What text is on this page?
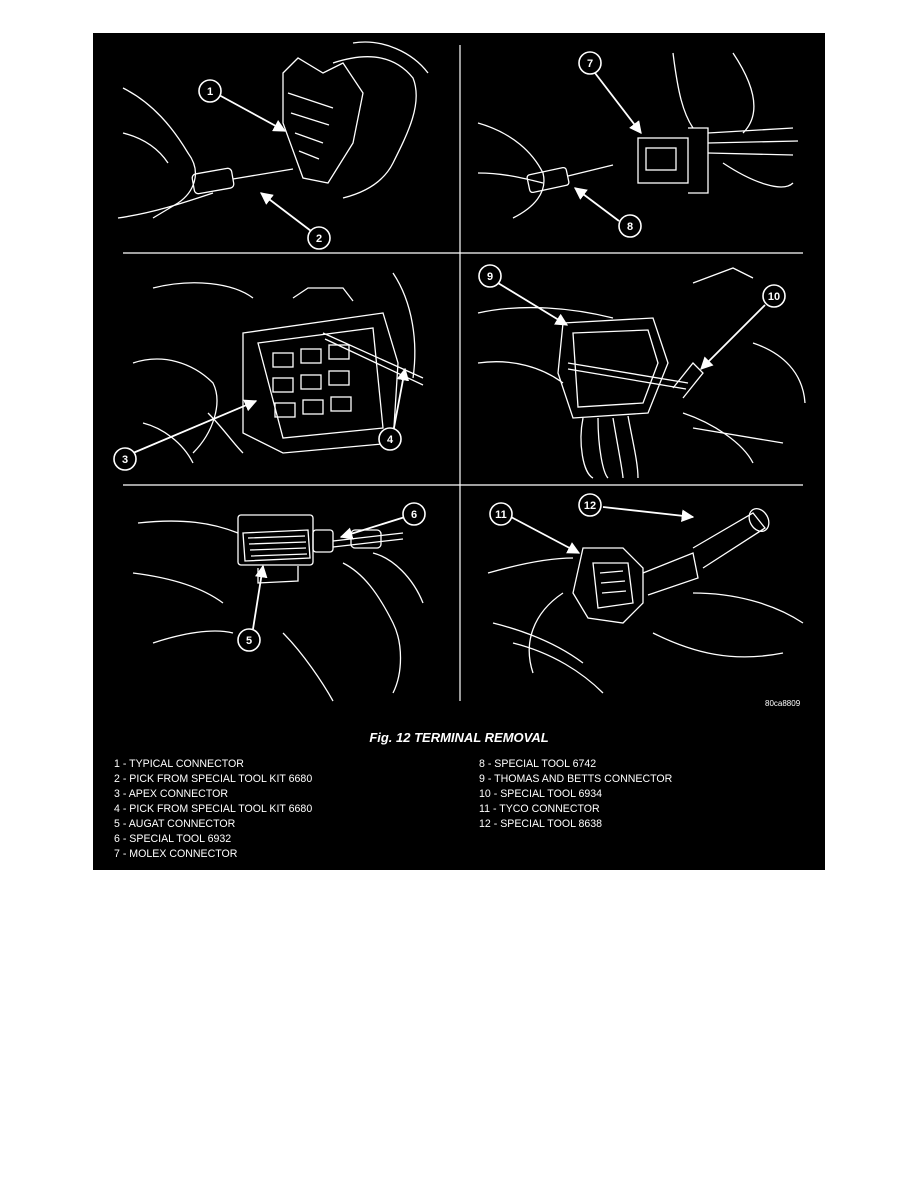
1
2
3
4
5
6
7
8
9
10
11
12
80ca8809
Fig. 12 TERMINAL REMOVAL
1 - TYPICAL CONNECTOR
2 - PICK FROM SPECIAL TOOL KIT 6680
3 - APEX CONNECTOR
4 - PICK FROM SPECIAL TOOL KIT 6680
5 - AUGAT CONNECTOR
6 - SPECIAL TOOL 6932
7 - MOLEX CONNECTOR
8 - SPECIAL TOOL 6742
9 - THOMAS AND BETTS CONNECTOR
10 - SPECIAL TOOL 6934
11 - TYCO CONNECTOR
12 - SPECIAL TOOL 8638
